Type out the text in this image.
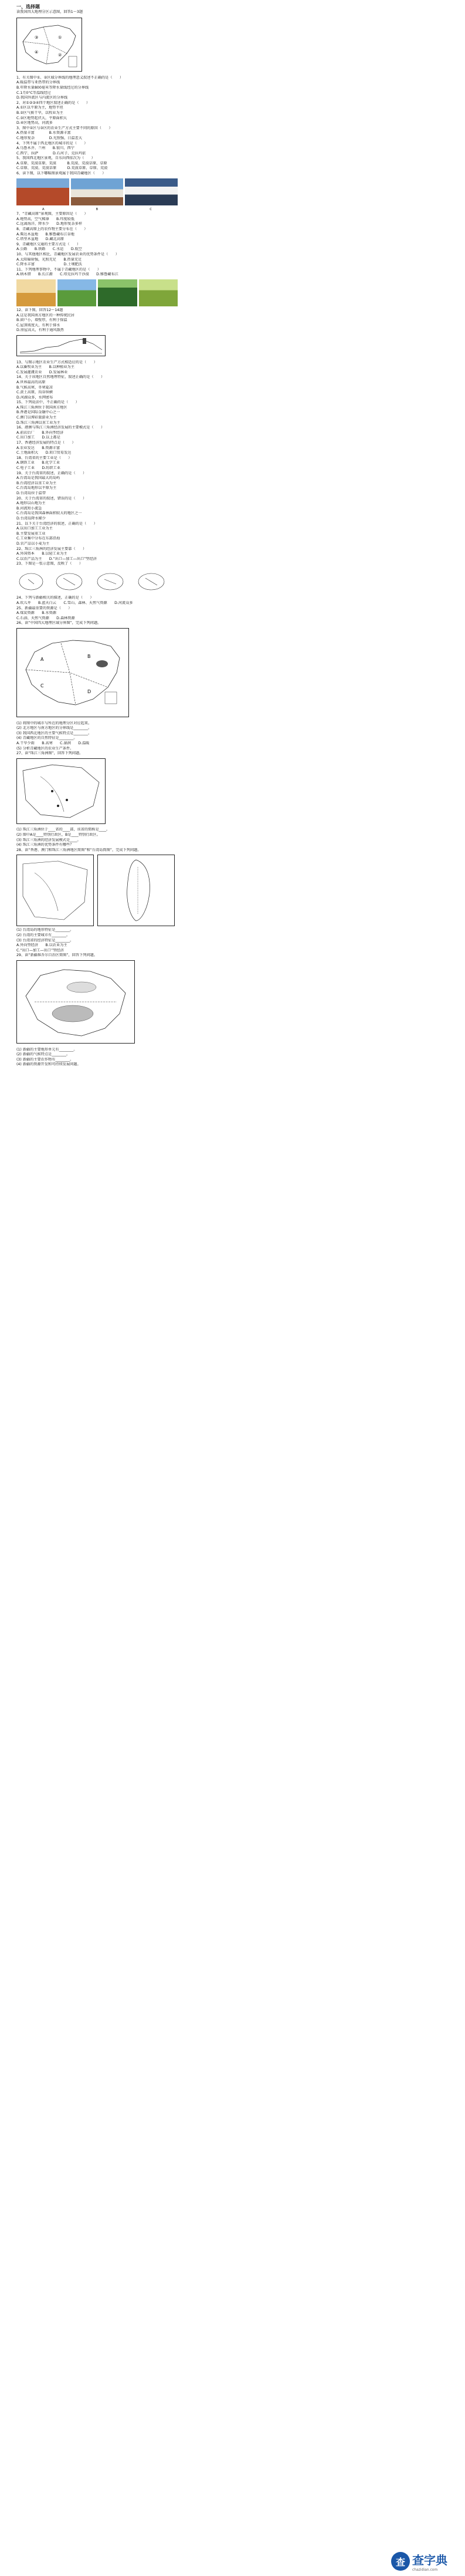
一、选择题
读我国四大地理分区示意图，回答1～3题
①
②
③
④
1、有关图中①、②区域分界线的地理意义叙述不正确的是（　　）
A.暖温带与亚热带的分界线
B.年降水量800毫米等降水量线经过的分界线
C.1月0°C等温线经过
D.我国外流区与内流区的分界线
2、对①②③④四个地区叙述正确的是（　　）
A.①区以平原为主，地势平坦
B.②区气候干旱，以牧业为主
C.③区地势起伏大，平原面积大
D.④区地势高，河流多
3、图中①区与③区的农业生产方式主要不同的原因（　　）
A.热量丰富　　　　B.水资源丰富
C.地形复杂　　　　D.光照强，日温差大
4、下列不属于西北地区的城市的是（　　）
A.乌鲁木齐、兰州　　B.银川、西宁
C.西宁、拉萨　　　　D.石河子、克拉玛依
5、我国西北地区景观，自东向西依次为（　　）
A.草原、荒漠草原、荒漠　　　B.荒漠、荒漠草原、草原
C.草原、荒漠、荒漠草原　　　D.荒漠草原、草原、荒漠
6、读下图，以下哪幅图景观属于我国青藏地区（　　）
A	B	C
7、“青藏高原”景观图，主要原因是（　　）
A.地势高，空气稀薄　　B.纬度较低
C.远离海洋，降水少　　D.地形复杂多样
8、青藏高原上的农作物主要分布在（　　）
A.柴达木盆地　　B.雅鲁藏布江谷地
C.塔里木盆地　　D.藏北高原
9、青藏地区交通的主要方式是（　　）
A.公路　　B.铁路　　C.水运　　D.航空
10、与其他地区相比，青藏地区发展农业的优势条件是（　　）
A.太阳辐射强，光照充足　　B.热量充足
C.降水丰富　　　　　　　　D.土壤肥沃
11、下列地理事物中，不属于青藏地区的是（　　）
A.纳木错　　B.长江源　　C.塔克拉玛干沙漠　　D.雅鲁藏布江
12、读下图，回答12～14题
A.这是我国南方地区的一种传统民居
B.窗户小，墙壁厚，有利于保温
C.屋顶坡度大，有利于排水
D.房屋高大，有利于通风散热
13、与图示地区农业生产方式相适应的是（　　）
A.以畜牧业为主　　B.以种植业为主
C.发展灌溉农业　　D.发展林业
14、关于该地区自然地理特征，叙述正确的是（　　）
A.世界最高的高原
B.气候高寒，冬寒夏凉
C.黄土高原，沟谷纵横
D.河湖众多，水网密布
15、下列说法中，不正确的是（　　）
A.珠江三角洲位于我国南方地区
B.香港是国际金融中心之一
C.澳门以博彩旅游业为主
D.珠江三角洲以重工业为主
16、港澳与珠江三角洲经济发展的主要模式是（　　）
A.前店后厂　　B.外向型经济
C.出口加工　　D.以上都是
17、香港经济发展的特点是（　　）
A.农业发达　　B.资源丰富
C.土地面积大　　D.转口贸易发达
18、台湾省的主要工业是（　　）
A.钢铁工业　　B.化学工业
C.电子工业　　D.纺织工业
19、关于台湾省的叙述，正确的是（　　）
A.台湾岛是我国最大的岛屿
B.台湾经济以重工业为主
C.台湾岛地形以平原为主
D.台湾岛位于温带
20、关于台湾省的叙述，错误的是（　　）
A.地形以山地为主
B.河流短小流急
C.台湾岛是我国森林面积较大的地区之一
D.台湾岛降水稀少
21、以下关于台湾经济的叙述，正确的是（　　）
A.以出口加工工业为主
B.主要发展重工业
C.工业集中分布在东部沿海
D.农产品以小麦为主
22、珠江三角洲的经济发展主要靠（　　）
A.外国资本　　B.以轻工业为主
C.以农产品为主　　D.“出口—加工—出口”型经济
23、下图是一张示意图，反映了（　　）
24、下列与新疆相关的描述，正确的是（　　）
A.坎儿井　　B.蓝天白云　　C.雪山、森林、天然气资源　　D.河流众多
25、新疆最重要的资源是（　　）
A.煤炭资源　　B.水资源
C.石油、天然气资源　　D.森林资源
26、读“中国四大地理区域分界图”，完成下列问题。
A
B
C
D
(1) 将图中的城市与所在的地理分区对应起来。
(2) 北方地区与南方地区的分界线是________。
(3) 我国西北地区的主要气候特点是________。
(4) 青藏地区的自然特征是________。
A.干旱少雨　　B.高寒　　C.湿润　　D.温暖
(5) 分析青藏地区的农业生产条件。
27、读“珠江三角洲图”，回答下列问题。
(1) 珠江三角洲位于____省的____部，该省的简称是____。
(2) 图中A是____特别行政区，B是____特别行政区。
(3) 珠江三角洲的经济发展模式是____。
(4) 珠江三角洲的优势条件有哪些？
28、读“香港、澳门和珠江三角洲地区简图”和“台湾岛简图”，完成下列问题。
(1) 台湾岛的地形特征是________。
(2) 台湾的主要城市有________。
(3) 台湾省的经济特征是________。
A.外向型经济　　B.以农业为主
C.“出口—加工—出口”型经济
29、读“新疆维吾尔自治区简图”，回答下列问题。
(1) 新疆的主要地形单元有________。
(2) 新疆的气候特点是________。
(3) 新疆的主要农作物有________。
(4) 新疆的资源开发和可持续发展问题。
查 查字典
chazidian.com
